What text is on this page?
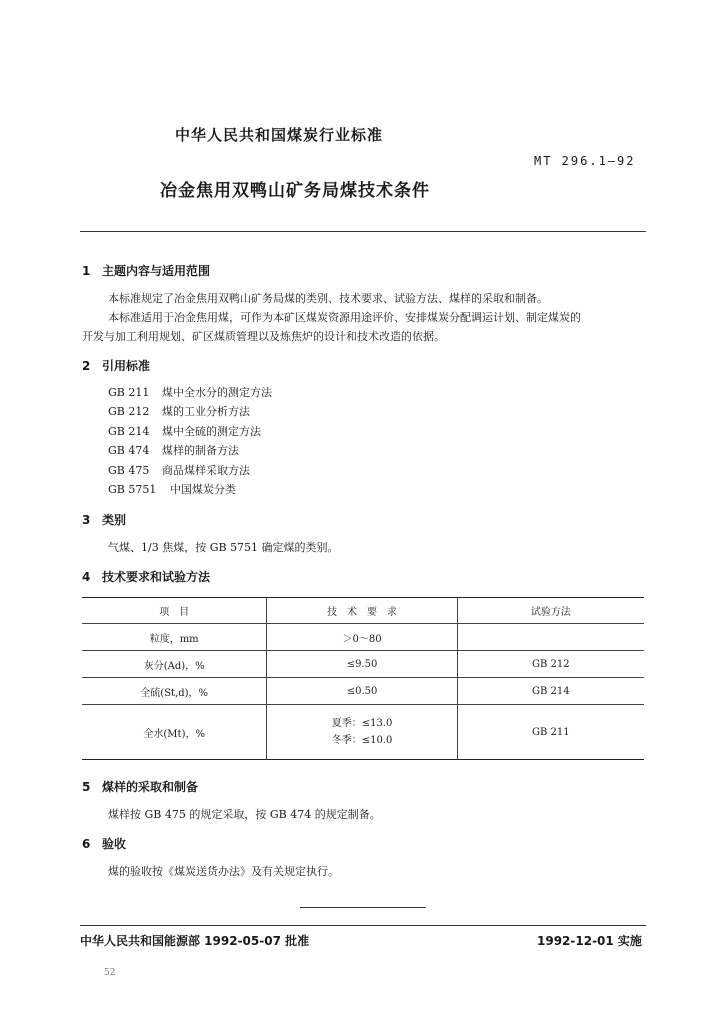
中华人民共和国煤炭行业标准
MT 296.1—92
冶金焦用双鸭山矿务局煤技术条件
1 主题内容与适用范围
本标准规定了冶金焦用双鸭山矿务局煤的类别、技术要求、试验方法、煤样的采取和制备。
本标准适用于冶金焦用煤，可作为本矿区煤炭资源用途评价、安排煤炭分配调运计划、制定煤炭的
开发与加工利用规划、矿区煤质管理以及炼焦炉的设计和技术改造的依据。
2 引用标准
GB 211 煤中全水分的测定方法
GB 212 煤的工业分析方法
GB 214 煤中全硫的测定方法
GB 474 煤样的制备方法
GB 475 商品煤样采取方法
GB 5751 中国煤炭分类
3 类别
气煤、1/3 焦煤，按 GB 5751 确定煤的类别。
4 技术要求和试验方法
项　目	技　术　要　求	试验方法
粒度，mm	＞0～80	
灰分(Ad)，%	≤9.50	GB 212
全硫(St,d)，%	≤0.50	GB 214
全水(Mt)，%	夏季：≤13.0
冬季：≤10.0	GB 211
5 煤样的采取和制备
煤样按 GB 475 的规定采取，按 GB 474 的规定制备。
6 验收
煤的验收按《煤炭送货办法》及有关规定执行。
中华人民共和国能源部 1992-05-07 批准	1992-12-01 实施
52
